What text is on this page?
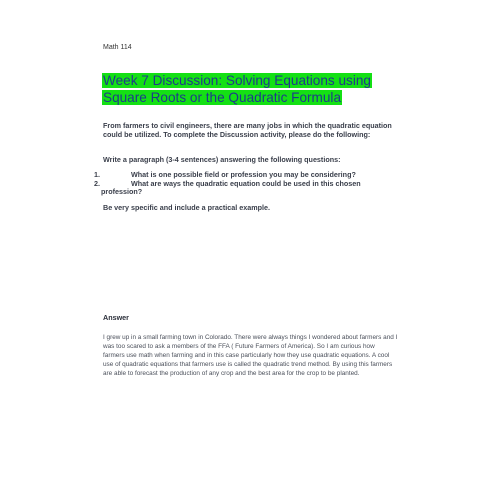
Math 114
Week 7 Discussion: Solving Equations using Square Roots or the Quadratic Formula
From farmers to civil engineers, there are many jobs in which the quadratic equation could be utilized. To complete the Discussion activity, please do the following:
Write a paragraph (3-4 sentences) answering the following questions:
1.	What is one possible field or profession you may be considering?
2.	What are ways the quadratic equation could be used in this chosen
profession?
Be very specific and include a practical example.
Answer
I grew up in a small farming town in Colorado. There were always things I wondered about farmers and I was too scared to ask a members of the FFA ( Future Farmers of America). So I am curious how farmers use math when farming and in this case particularly how they use quadratic equations. A cool use of quadratic equations that farmers use is called the quadratic trend method. By using this farmers are able to forecast the production of any crop and the best area for the crop to be planted.
